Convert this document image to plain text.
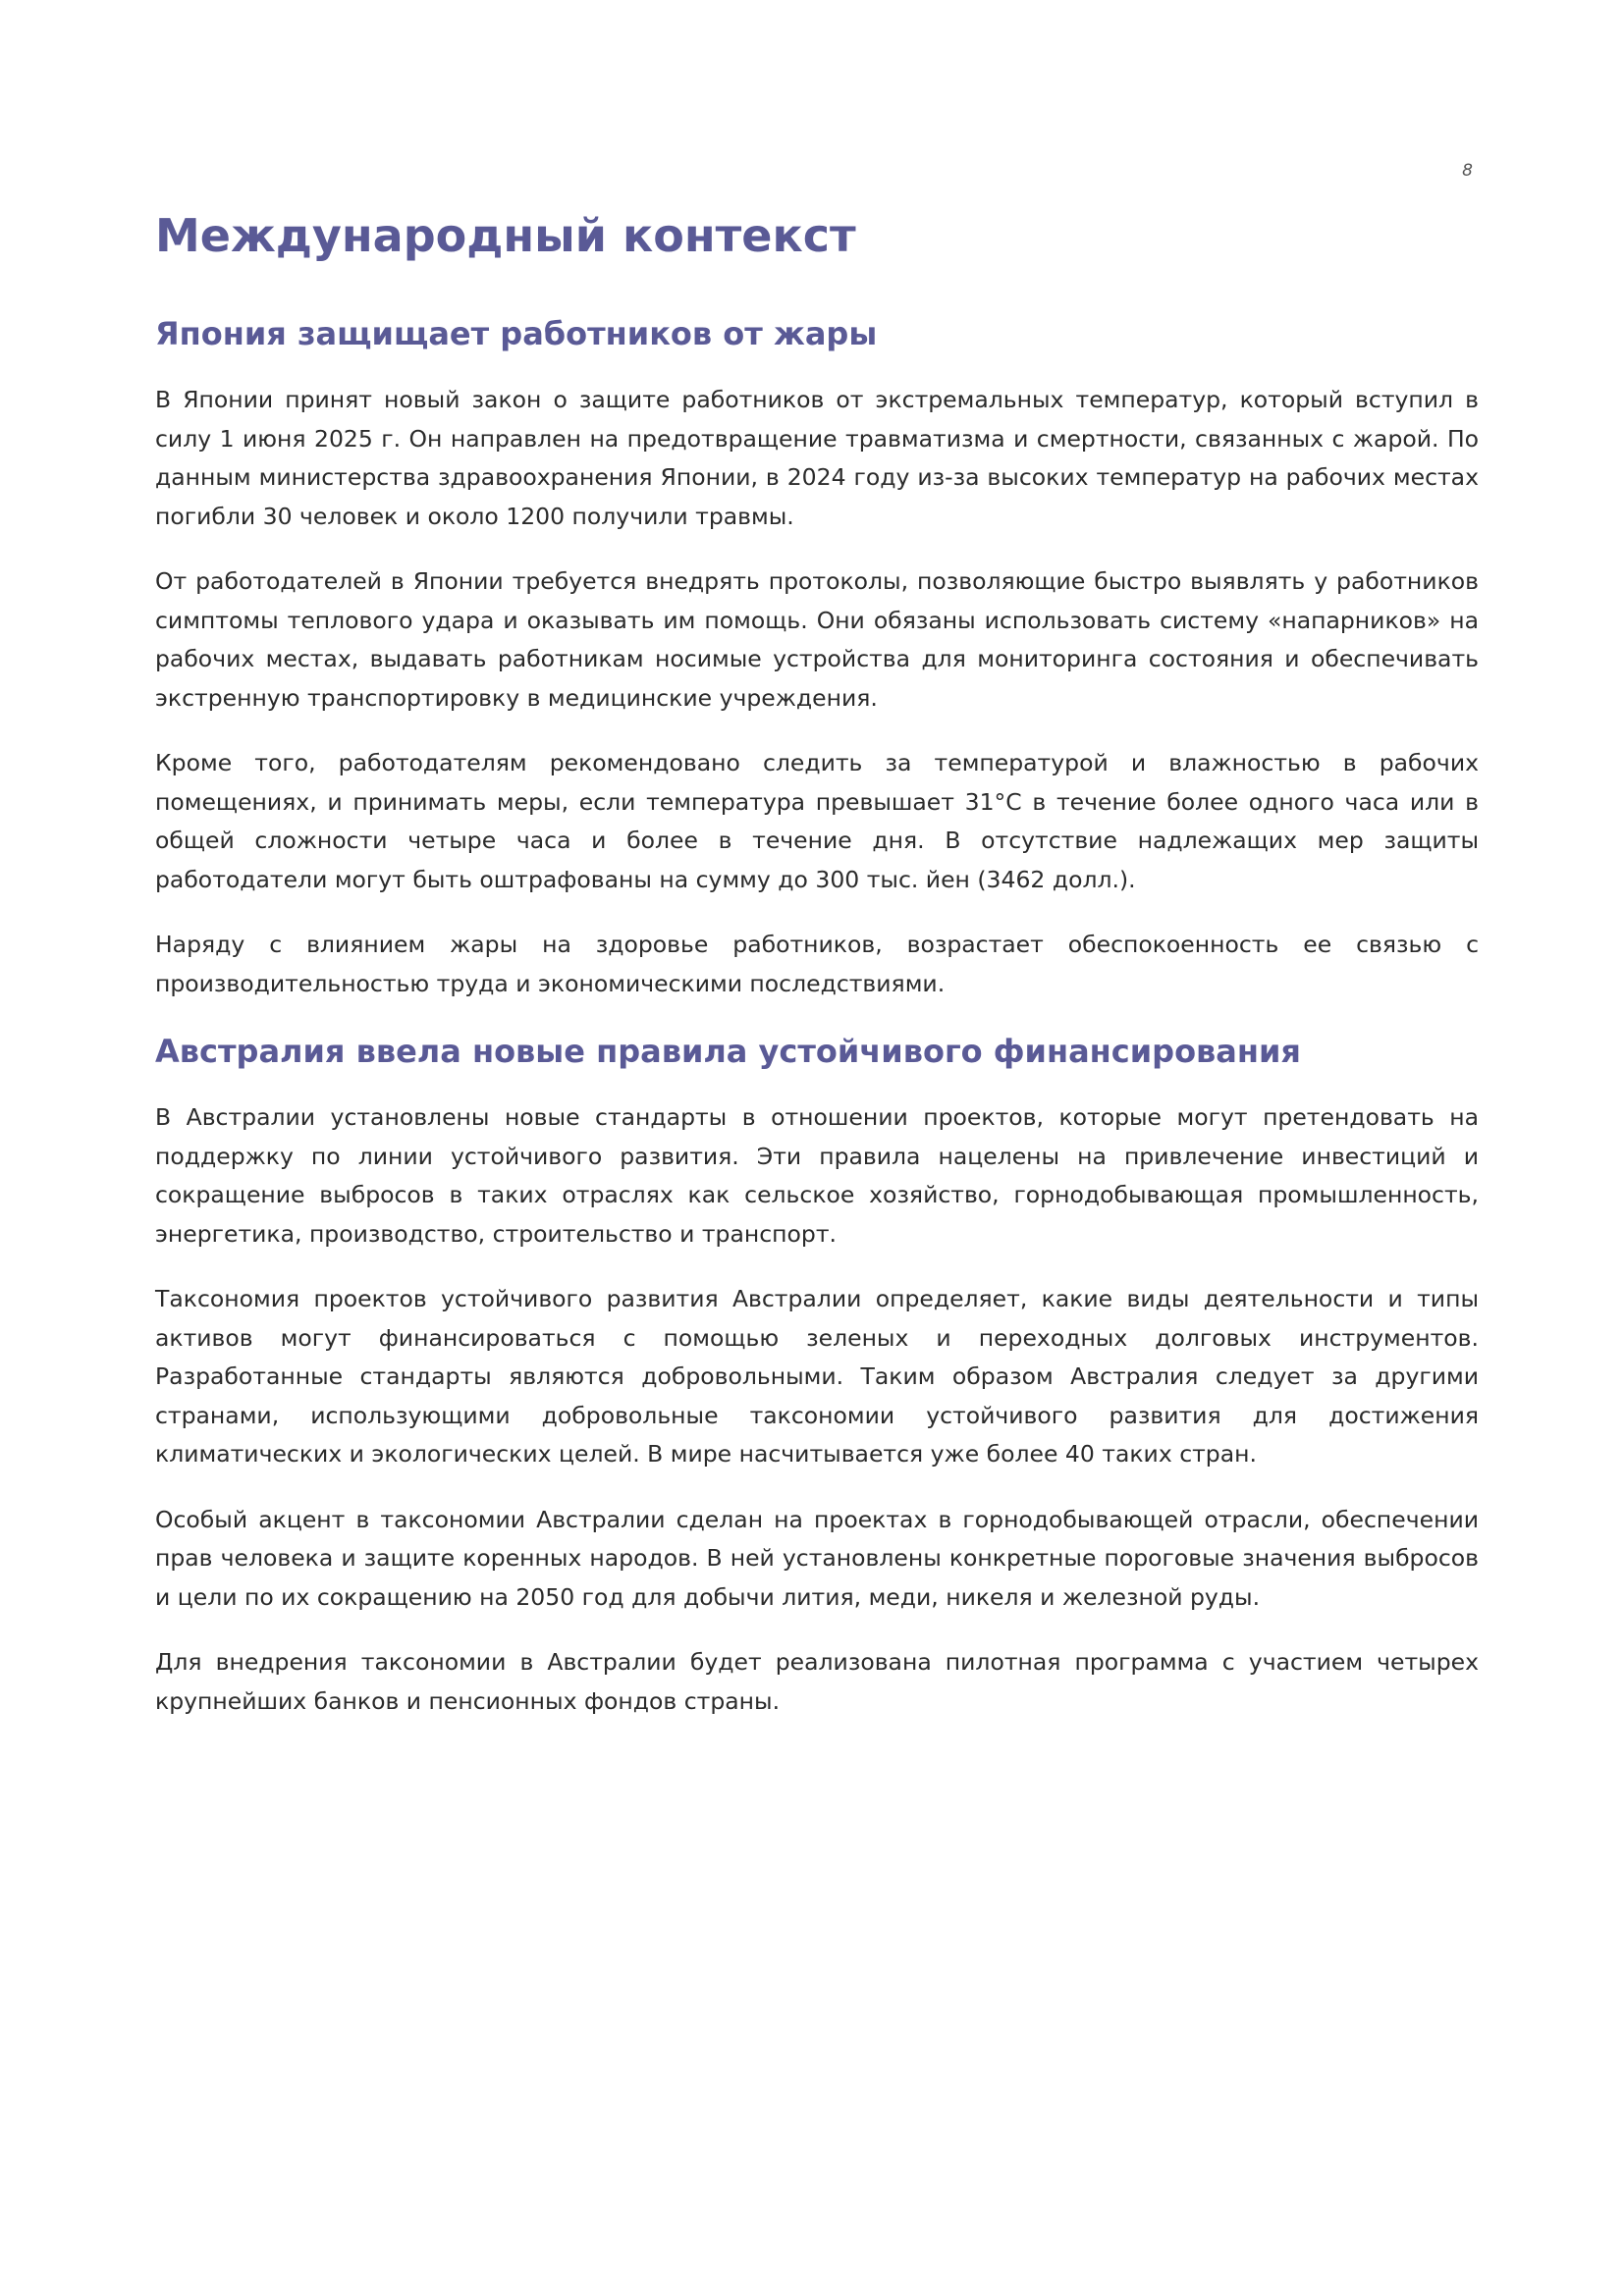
8
Международный контекст
Япония защищает работников от жары

В Японии принят новый закон о защите работников от экстремальных температур, который вступил в силу 1 июня 2025 г. Он направлен на предотвращение травматизма и смертности, связанных с жарой. По данным министерства здравоохранения Японии, в 2024 году из-за высоких температур на рабочих местах погибли 30 человек и около 1200 получили травмы.

От работодателей в Японии требуется внедрять протоколы, позволяющие быстро выявлять у работников симптомы теплового удара и оказывать им помощь. Они обязаны использовать систему «напарников» на рабочих местах, выдавать работникам носимые устройства для мониторинга состояния и обеспечивать экстренную транспортировку в медицинские учреждения.

Кроме того, работодателям рекомендовано следить за температурой и влажностью в рабочих помещениях, и принимать меры, если температура превышает 31°С в течение более одного часа или в общей сложности четыре часа и более в течение дня. В отсутствие надлежащих мер защиты работодатели могут быть оштрафованы на сумму до 300 тыс. йен (3462 долл.).

Наряду с влиянием жары на здоровье работников, возрастает обеспокоенность ее связью с производительностью труда и экономическими последствиями.

Австралия ввела новые правила устойчивого финансирования

В Австралии установлены новые стандарты в отношении проектов, которые могут претендовать на поддержку по линии устойчивого развития. Эти правила нацелены на привлечение инвестиций и сокращение выбросов в таких отраслях как сельское хозяйство, горнодобывающая промышленность, энергетика, производство, строительство и транспорт.

Таксономия проектов устойчивого развития Австралии определяет, какие виды деятельности и типы активов могут финансироваться с помощью зеленых и переходных долговых инструментов. Разработанные стандарты являются добровольными. Таким образом Австралия следует за другими странами, использующими добровольные таксономии устойчивого развития для достижения климатических и экологических целей. В мире насчитывается уже более 40 таких стран.

Особый акцент в таксономии Австралии сделан на проектах в горнодобывающей отрасли, обеспечении прав человека и защите коренных народов. В ней установлены конкретные пороговые значения выбросов и цели по их сокращению на 2050 год для добычи лития, меди, никеля и железной руды.

Для внедрения таксономии в Австралии будет реализована пилотная программа с участием четырех крупнейших банков и пенсионных фондов страны.
